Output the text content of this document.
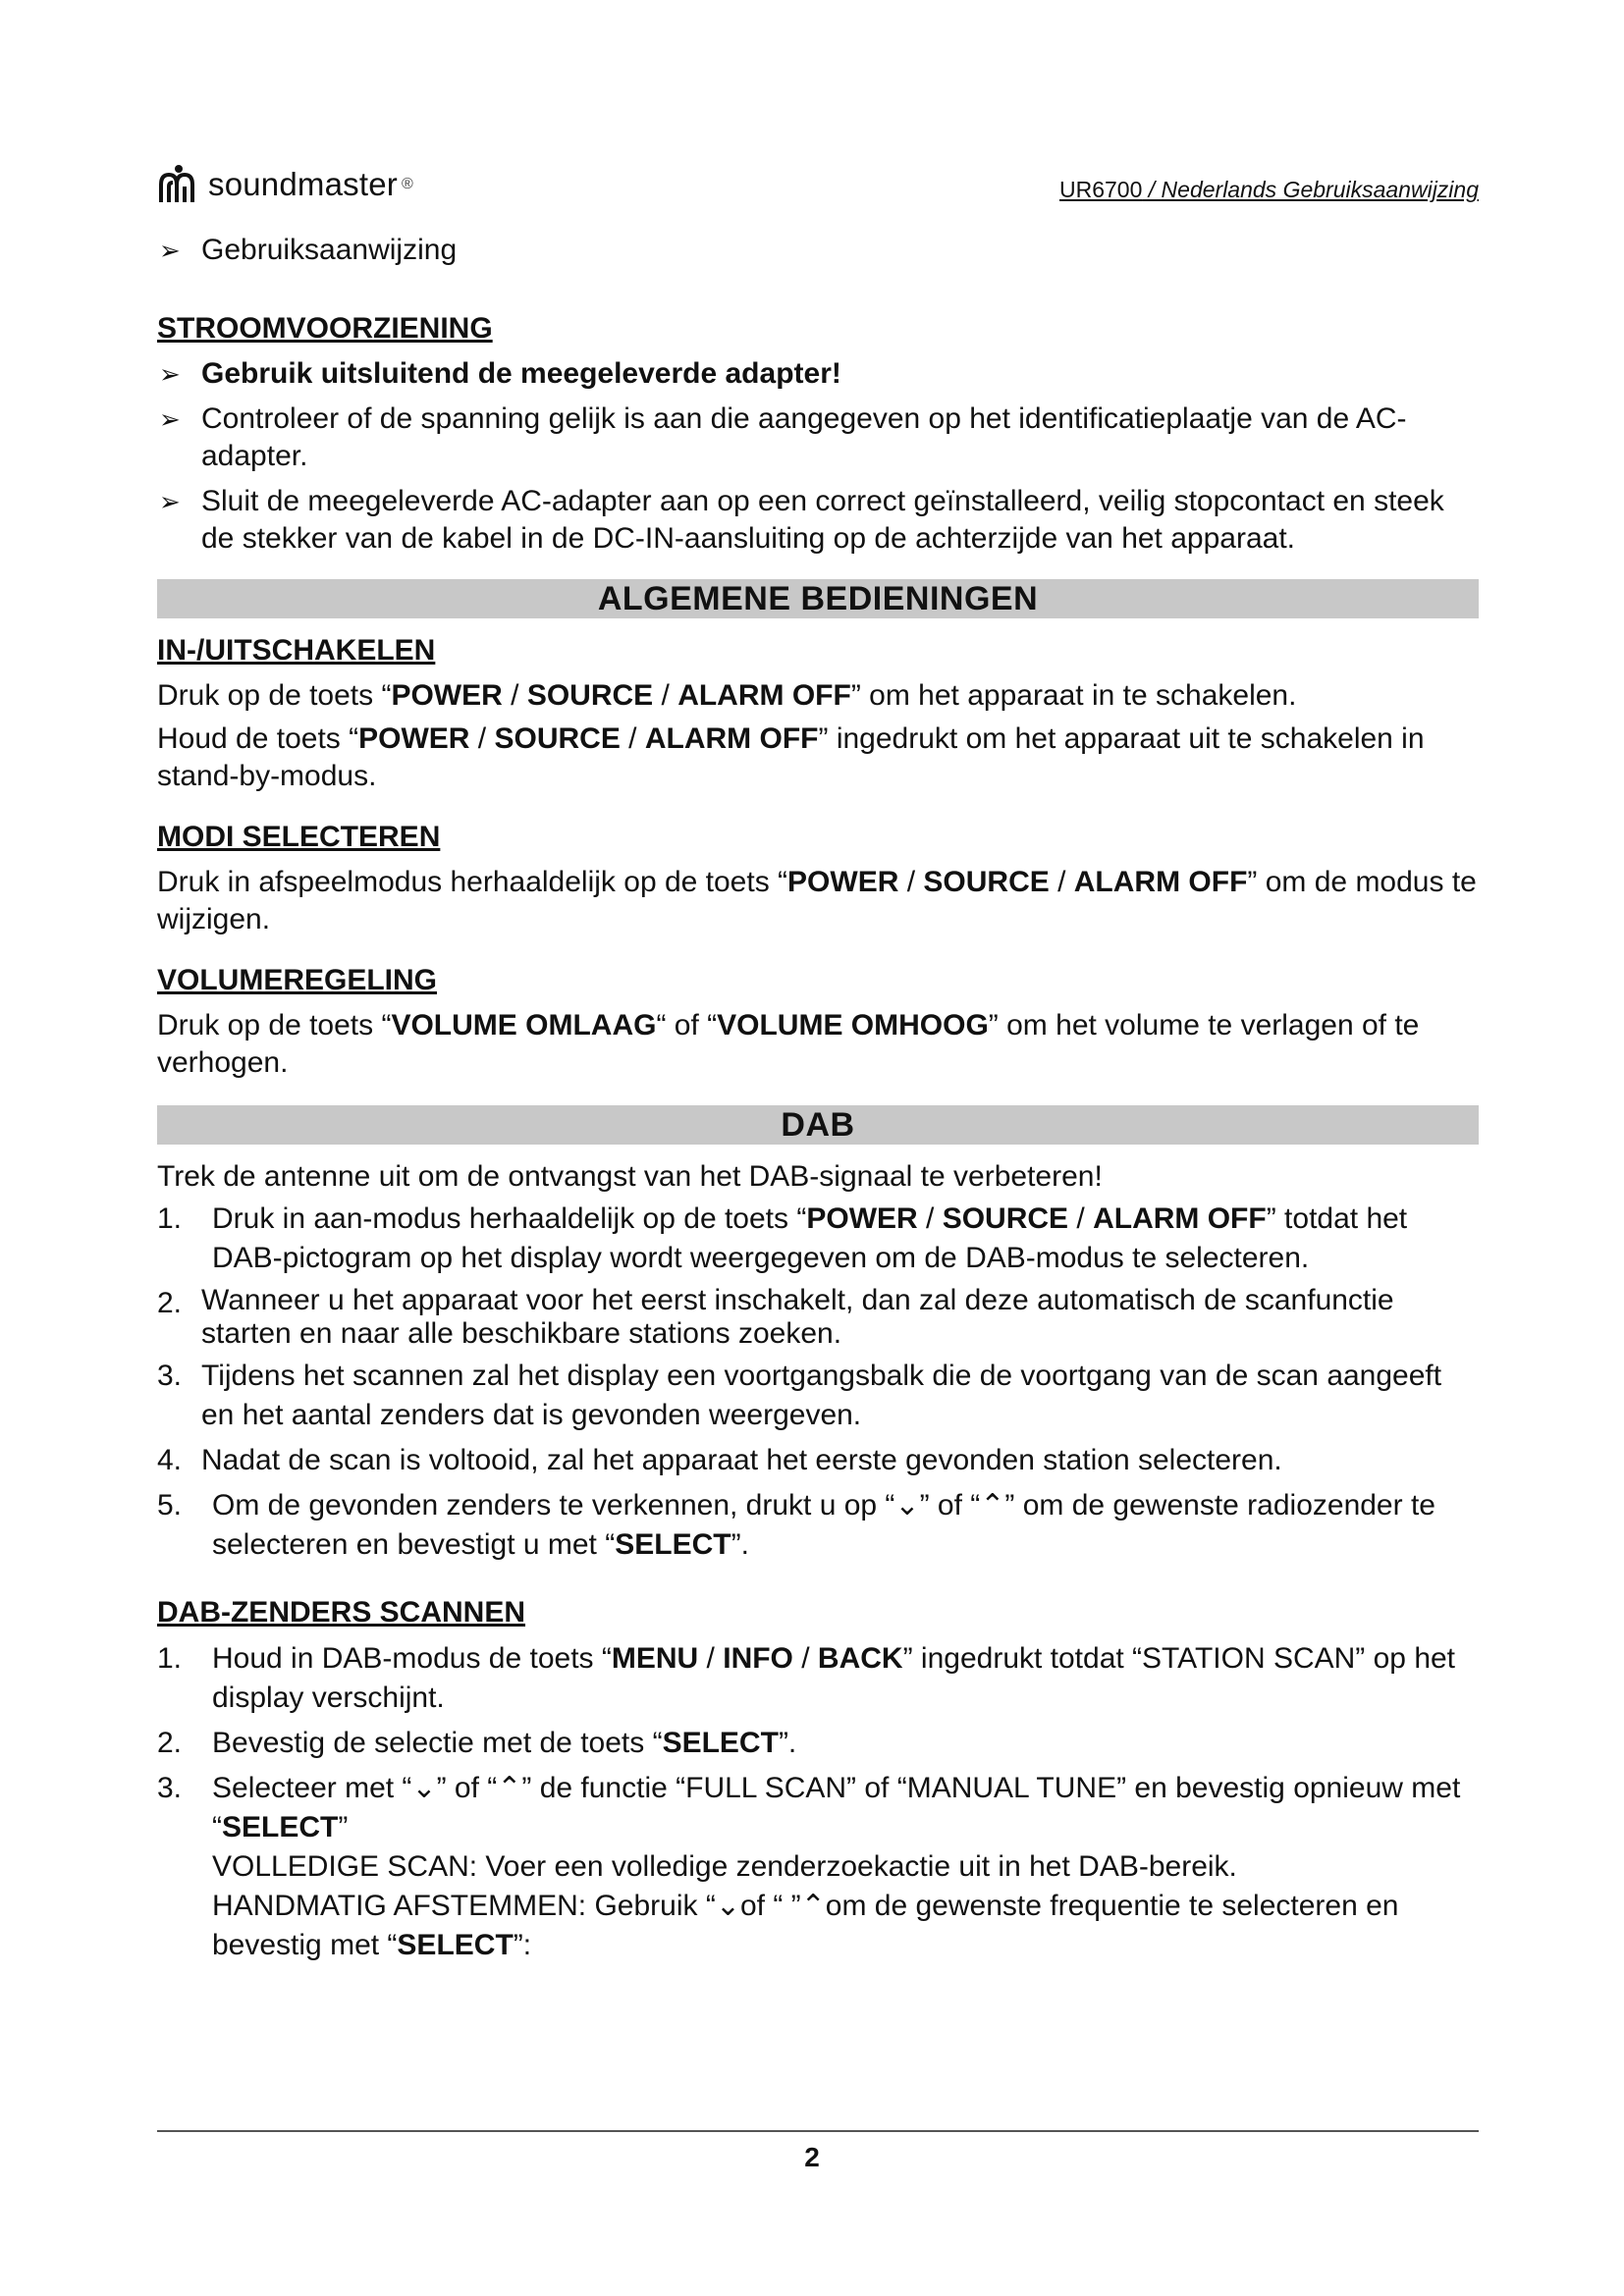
soundmaster ®	UR6700 / Nederlands Gebruiksaanwijzing
➢ Gebruiksaanwijzing
STROOMVOORZIENING
➢ Gebruik uitsluitend de meegeleverde adapter!
➢ Controleer of de spanning gelijk is aan die aangegeven op het identificatieplaatje van de AC-adapter.
➢ Sluit de meegeleverde AC-adapter aan op een correct geïnstalleerd, veilig stopcontact en steek de stekker van de kabel in de DC-IN-aansluiting op de achterzijde van het apparaat.
ALGEMENE BEDIENINGEN
IN-/UITSCHAKELEN

Druk op de toets “POWER / SOURCE / ALARM OFF” om het apparaat in te schakelen.

Houd de toets “POWER / SOURCE / ALARM OFF” ingedrukt om het apparaat uit te schakelen in stand-by-modus.

MODI SELECTEREN

Druk in afspeelmodus herhaaldelijk op de toets “POWER / SOURCE / ALARM OFF” om de modus te wijzigen.

VOLUMEREGELING

Druk op de toets “VOLUME OMLAAG“ of “VOLUME OMHOOG” om het volume te verlagen of te verhogen.

DAB

Trek de antenne uit om de ontvangst van het DAB-signaal te verbeteren!

1. Druk in aan-modus herhaaldelijk op de toets “POWER / SOURCE / ALARM OFF” totdat het DAB-pictogram op het display wordt weergegeven om de DAB-modus te selecteren.
2. Wanneer u het apparaat voor het eerst inschakelt, dan zal deze automatisch de scanfunctie starten en naar alle beschikbare stations zoeken.
3. Tijdens het scannen zal het display een voortgangsbalk die de voortgang van de scan aangeeft en het aantal zenders dat is gevonden weergeven.
4. Nadat de scan is voltooid, zal het apparaat het eerste gevonden station selecteren.
5. Om de gevonden zenders te verkennen, drukt u op “⌄” of “⌃” om de gewenste radiozender te selecteren en bevestigt u met “SELECT”.
DAB-ZENDERS SCANNEN
1. Houd in DAB-modus de toets “MENU / INFO / BACK” ingedrukt totdat “STATION SCAN” op het display verschijnt.
2. Bevestig de selectie met de toets “SELECT”.
3. Selecteer met “⌄” of “⌃” de functie “FULL SCAN” of “MANUAL TUNE” en bevestig opnieuw met “SELECT”
VOLLEDIGE SCAN: Voer een volledige zenderzoekactie uit in het DAB-bereik.
HANDMATIG AFSTEMMEN: Gebruik “⌄of “ ”⌃om de gewenste frequentie te selecteren en bevestig met “SELECT”:
2
